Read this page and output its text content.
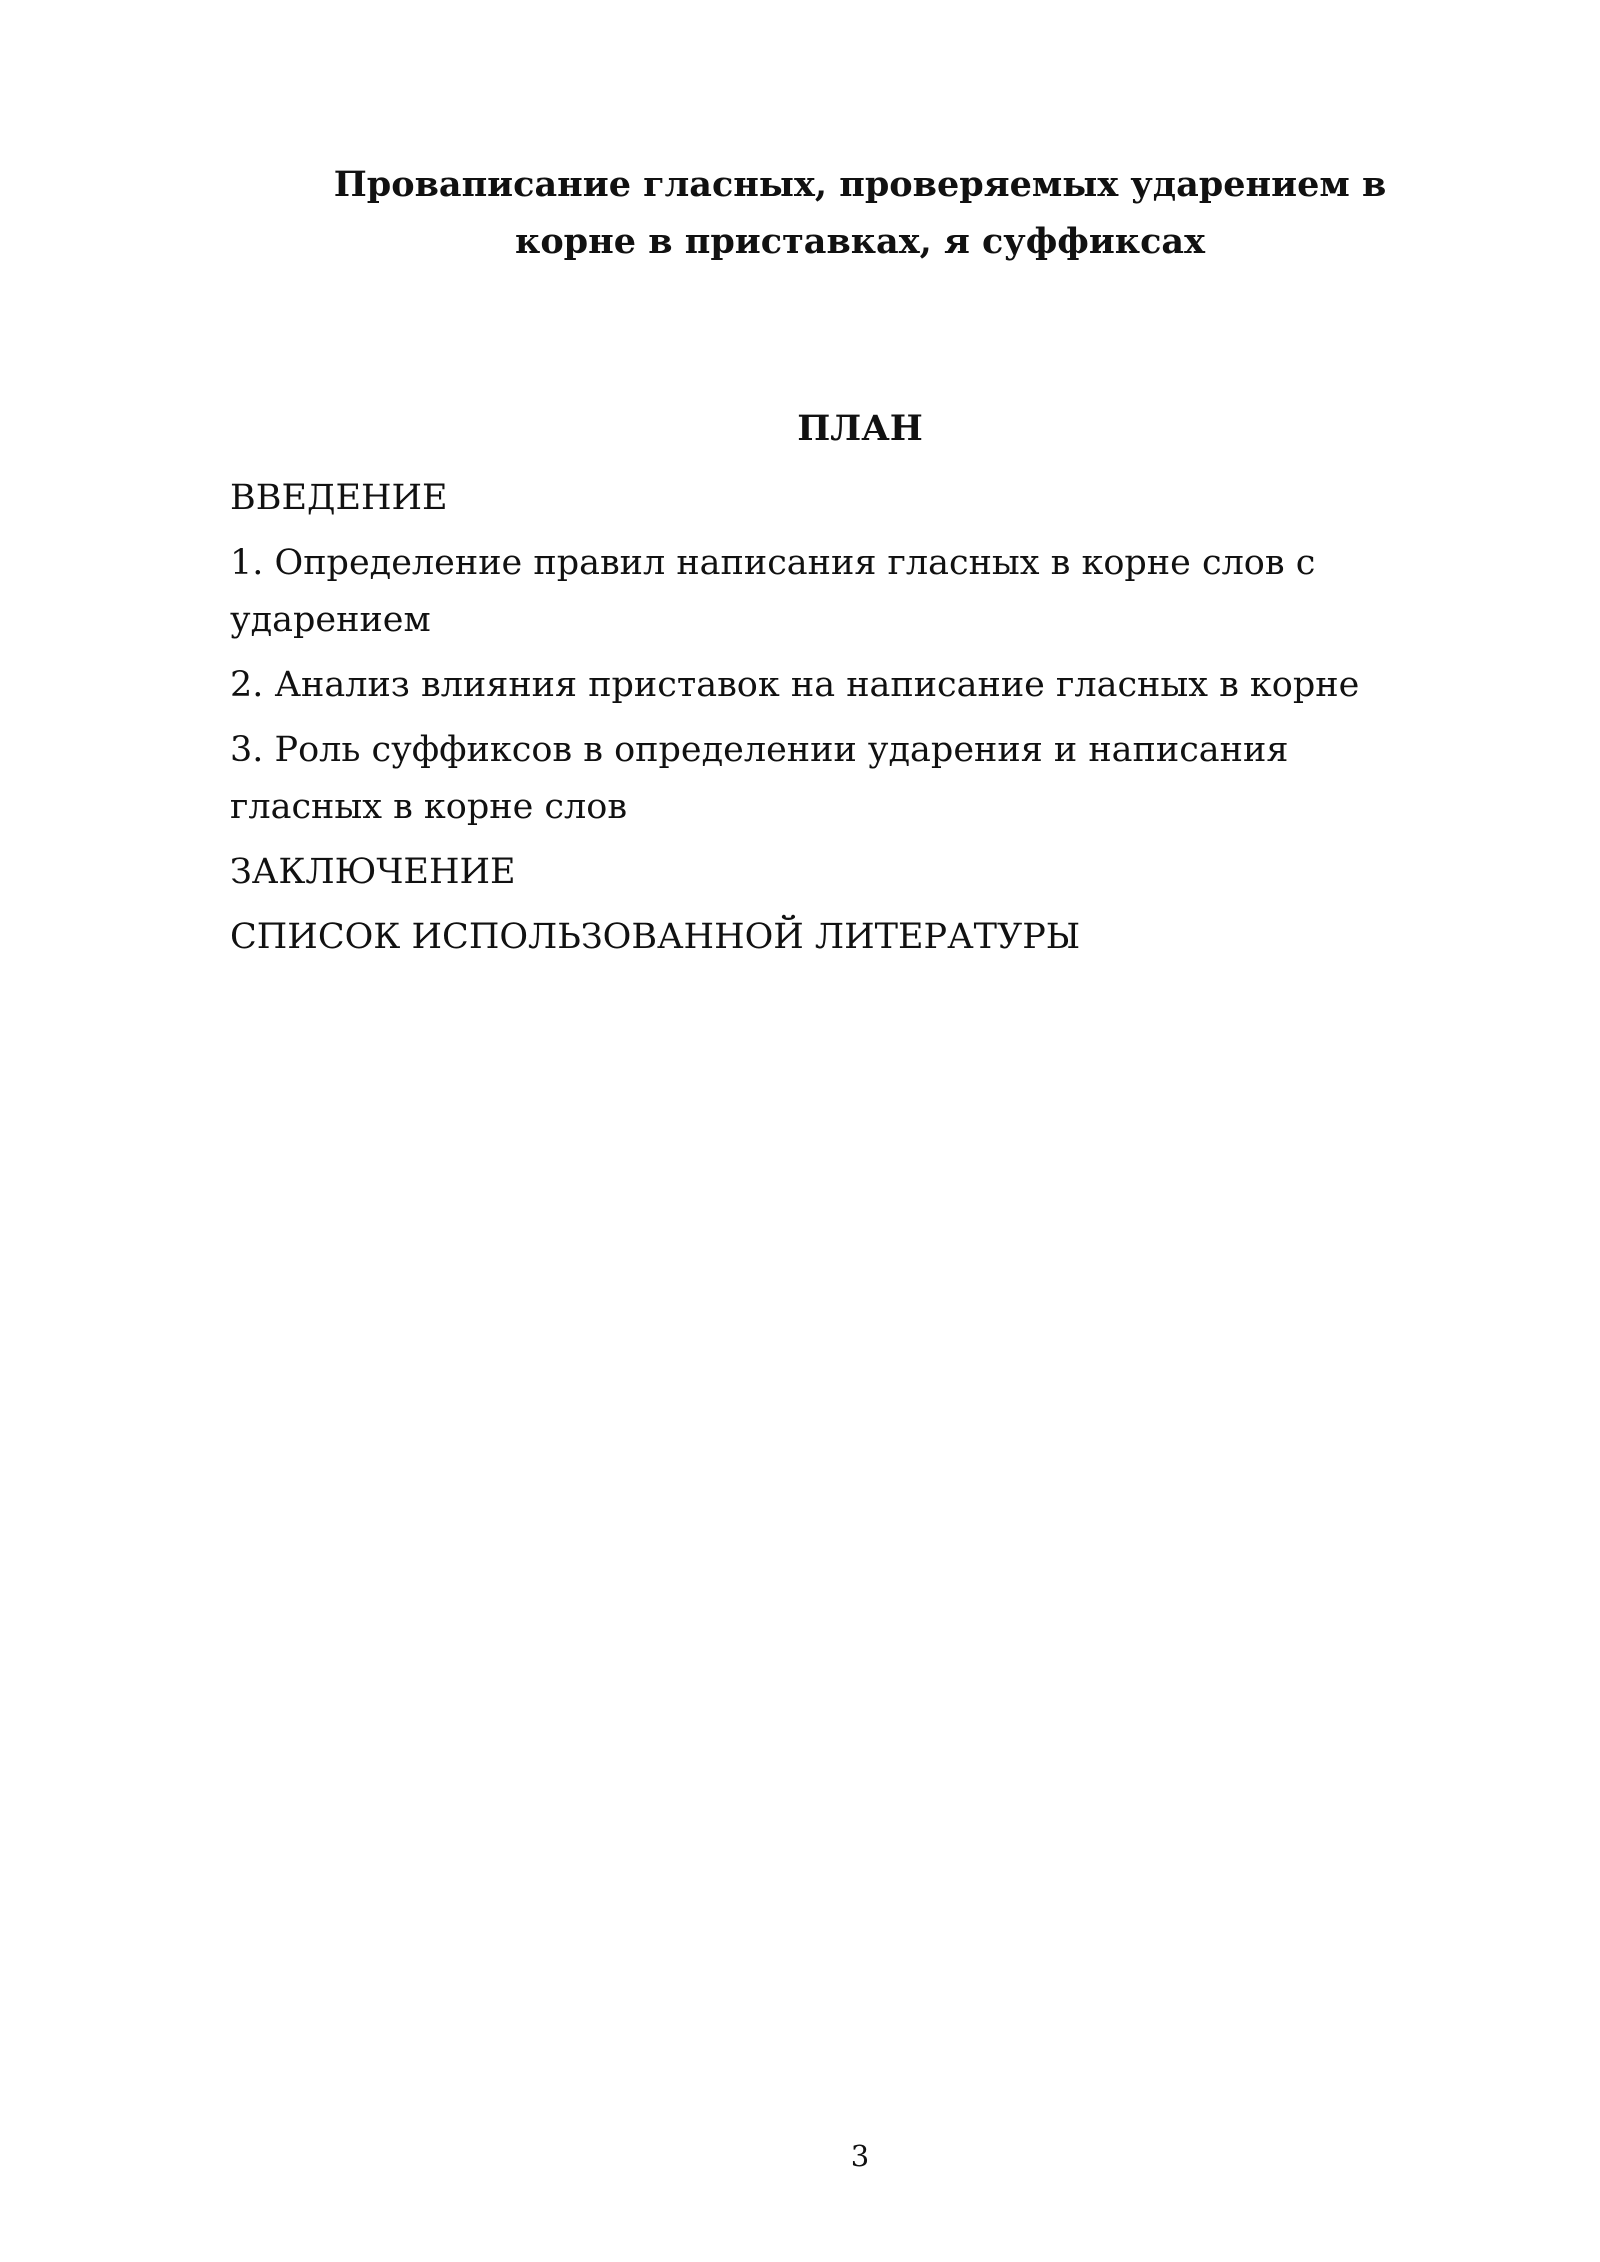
Провaписание гласных, проверяемых ударением в
корне в приставках, я суффиксах
ПЛАН
ВВЕДЕНИЕ
1. Определение правил написания гласных в корне слов с
ударением
2. Анализ влияния приставок на написание гласных в корне
3. Роль суффиксов в определении ударения и написания
гласных в корне слов
ЗАКЛЮЧЕНИЕ
СПИСОК ИСПОЛЬЗОВАННОЙ ЛИТЕРАТУРЫ
3
